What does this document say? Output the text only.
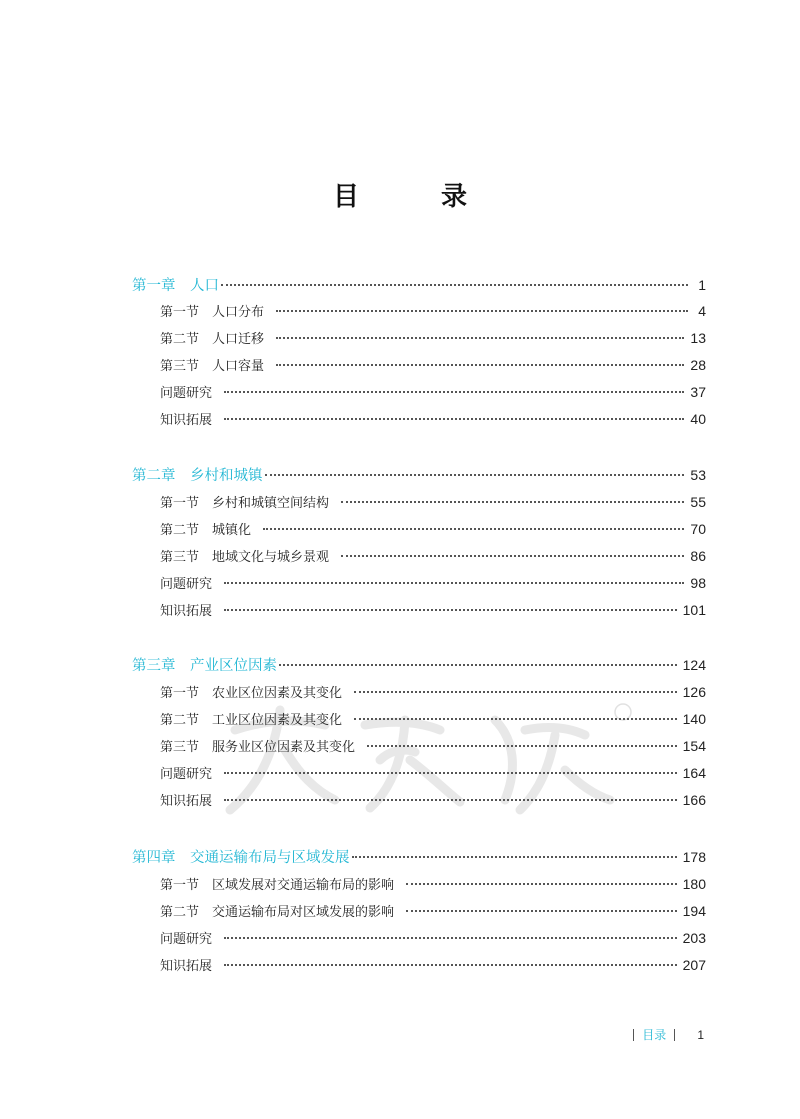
目　录
第一章　人口	1
第一节　人口分布	4
第二节　人口迁移	13
第三节　人口容量	28
问题研究	37
知识拓展	40
第二章　乡村和城镇	53
第一节　乡村和城镇空间结构	55
第二节　城镇化	70
第三节　地域文化与城乡景观	86
问题研究	98
知识拓展	101
第三章　产业区位因素	124
第一节　农业区位因素及其变化	126
第二节　工业区位因素及其变化	140
第三节　服务业区位因素及其变化	154
问题研究	164
知识拓展	166
第四章　交通运输布局与区域发展	178
第一节　区域发展对交通运输布局的影响	180
第二节　交通运输布局对区域发展的影响	194
问题研究	203
知识拓展	207
目录	1
